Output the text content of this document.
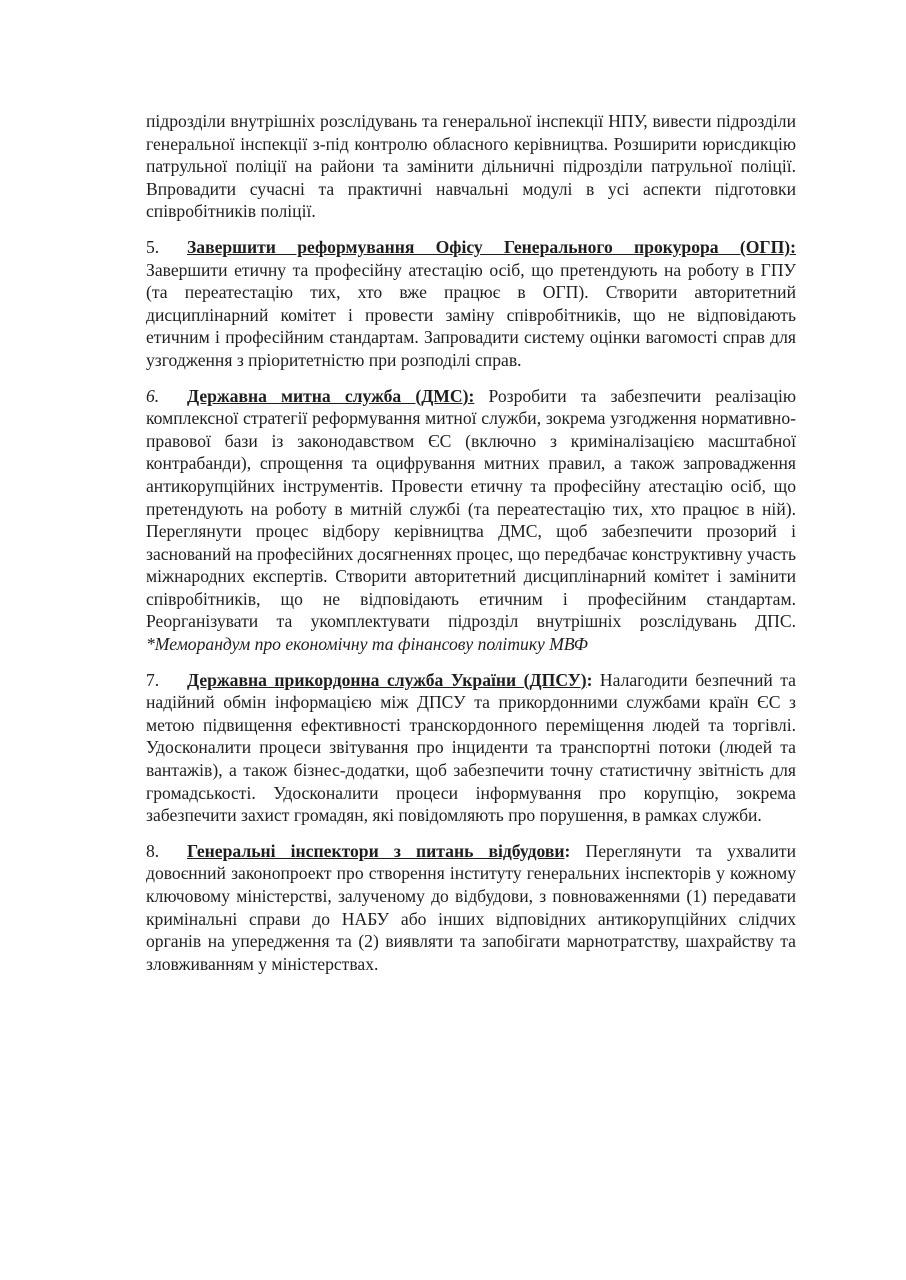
підрозділи внутрішніх розслідувань та генеральної інспекції НПУ, вивести підрозділи генеральної інспекції з-під контролю обласного керівництва. Розширити юрисдикцію патрульної поліції на райони та замінити дільничні підрозділи патрульної поліції. Впровадити сучасні та практичні навчальні модулі в усі аспекти підготовки співробітників поліції.

5. Завершити реформування Офісу Генерального прокурора (ОГП): Завершити етичну та професійну атестацію осіб, що претендують на роботу в ГПУ (та переатестацію тих, хто вже працює в ОГП). Створити авторитетний дисциплінарний комітет і провести заміну співробітників, що не відповідають етичним і професійним стандартам. Запровадити систему оцінки вагомості справ для узгодження з пріоритетністю при розподілі справ.

6. Державна митна служба (ДМС): Розробити та забезпечити реалізацію комплексної стратегії реформування митної служби, зокрема узгодження нормативно-правової бази із законодавством ЄС (включно з криміналізацією масштабної контрабанди), спрощення та оцифрування митних правил, а також запровадження антикорупційних інструментів. Провести етичну та професійну атестацію осіб, що претендують на роботу в митній службі (та переатестацію тих, хто працює в ній). Переглянути процес відбору керівництва ДМС, щоб забезпечити прозорий і заснований на професійних досягненнях процес, що передбачає конструктивну участь міжнародних експертів. Створити авторитетний дисциплінарний комітет і замінити співробітників, що не відповідають етичним і професійним стандартам. Реорганізувати та укомплектувати підрозділ внутрішніх розслідувань ДПС. *Меморандум про економічну та фінансову політику МВФ

7. Державна прикордонна служба України (ДПСУ): Налагодити безпечний та надійний обмін інформацією між ДПСУ та прикордонними службами країн ЄС з метою підвищення ефективності транскордонного переміщення людей та торгівлі. Удосконалити процеси звітування про інциденти та транспортні потоки (людей та вантажів), а також бізнес-додатки, щоб забезпечити точну статистичну звітність для громадськості. Удосконалити процеси інформування про корупцію, зокрема забезпечити захист громадян, які повідомляють про порушення, в рамках служби.

8. Генеральні інспектори з питань відбудови: Переглянути та ухвалити довоєнний законопроект про створення інституту генеральних інспекторів у кожному ключовому міністерстві, залученому до відбудови, з повноваженнями (1) передавати кримінальні справи до НАБУ або інших відповідних антикорупційних слідчих органів на упередження та (2) виявляти та запобігати марнотратству, шахрайству та зловживанням у міністерствах.
